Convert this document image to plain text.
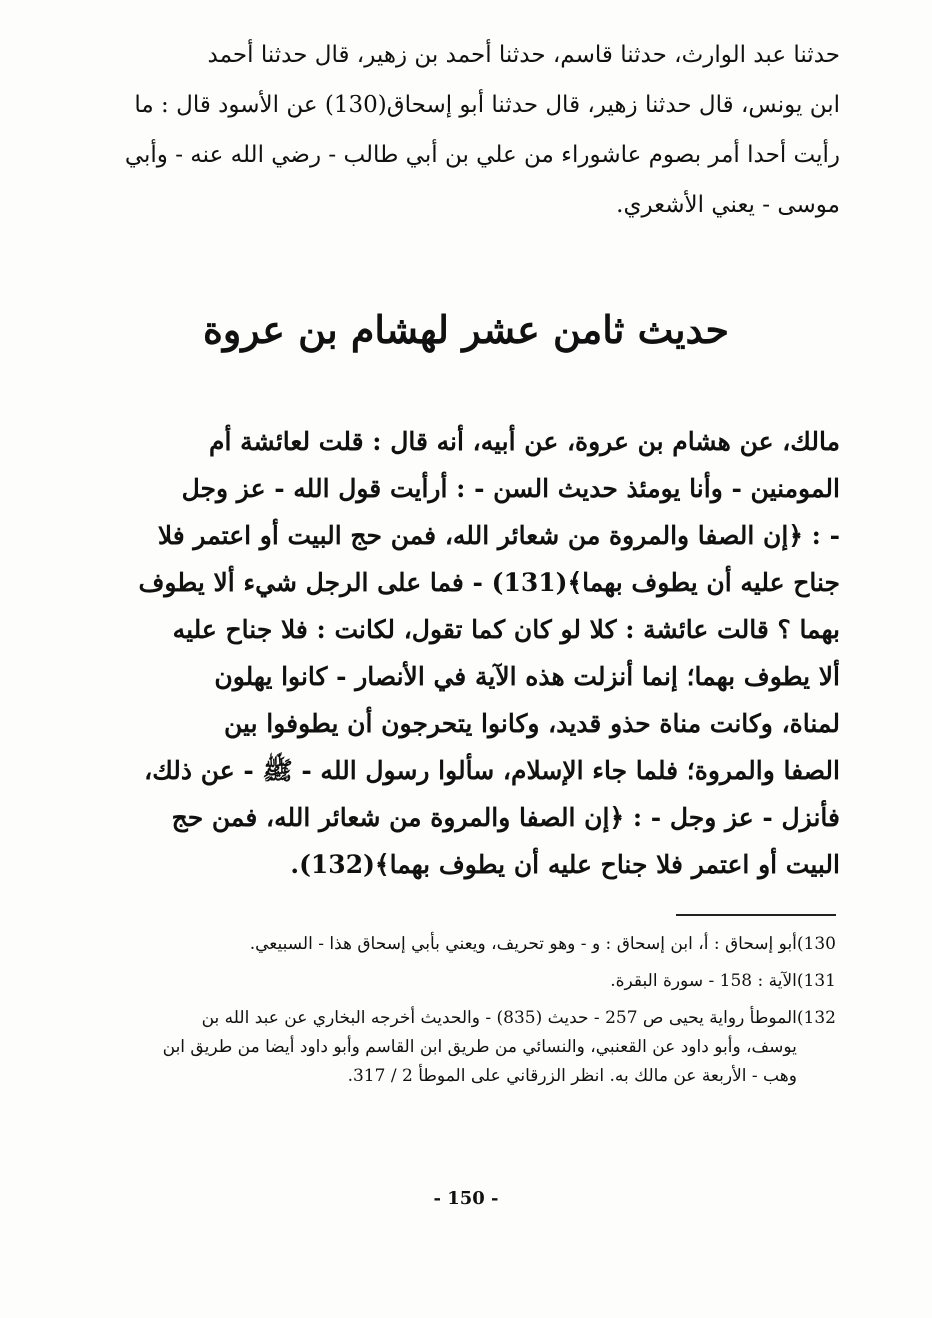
حدثنا عبد الوارث، حدثنا قاسم، حدثنا أحمد بن زهير، قال حدثنا أحمد
ابن يونس، قال حدثنا زهير، قال حدثنا أبو إسحاق(130) عن الأسود قال : ما
رأيت أحدا أمر بصوم عاشوراء من علي بن أبي طالب - رضي الله عنه - وأبي
موسى - يعني الأشعري.
حديث ثامن عشر لهشام بن عروة
مالك، عن هشام بن عروة، عن أبيه، أنه قال : قلت لعائشة أم
المومنين - وأنا يومئذ حديث السن - : أرأيت قول الله - عز وجل
- : ﴿إن الصفا والمروة من شعائر الله، فمن حج البيت أو اعتمر فلا
جناح عليه أن يطوف بهما﴾(131) - فما على الرجل شيء ألا يطوف
بهما ؟ قالت عائشة : كلا لو كان كما تقول، لكانت : فلا جناح عليه
ألا يطوف بهما؛ إنما أنزلت هذه الآية في الأنصار - كانوا يهلون
لمناة، وكانت مناة حذو قديد، وكانوا يتحرجون أن يطوفوا بين
الصفا والمروة؛ فلما جاء الإسلام، سألوا رسول الله - ﷺ - عن ذلك،
فأنزل - عز وجل - : ﴿إن الصفا والمروة من شعائر الله، فمن حج
البيت أو اعتمر فلا جناح عليه أن يطوف بهما﴾(132).
130)
أبو إسحاق : أ، ابن إسحاق : و - وهو تحريف، ويعني بأبي إسحاق هذا - السبيعي.
131)
الآية : 158 - سورة البقرة.
132)
الموطأ رواية يحيى ص 257 - حديث (835) - والحديث أخرجه البخاري عن عبد الله بن
يوسف، وأبو داود عن القعنبي، والنسائي من طريق ابن القاسم وأبو داود أيضا من طريق ابن
وهب - الأربعة عن مالك به. انظر الزرقاني على الموطأ 2 / 317.
- 150 -
